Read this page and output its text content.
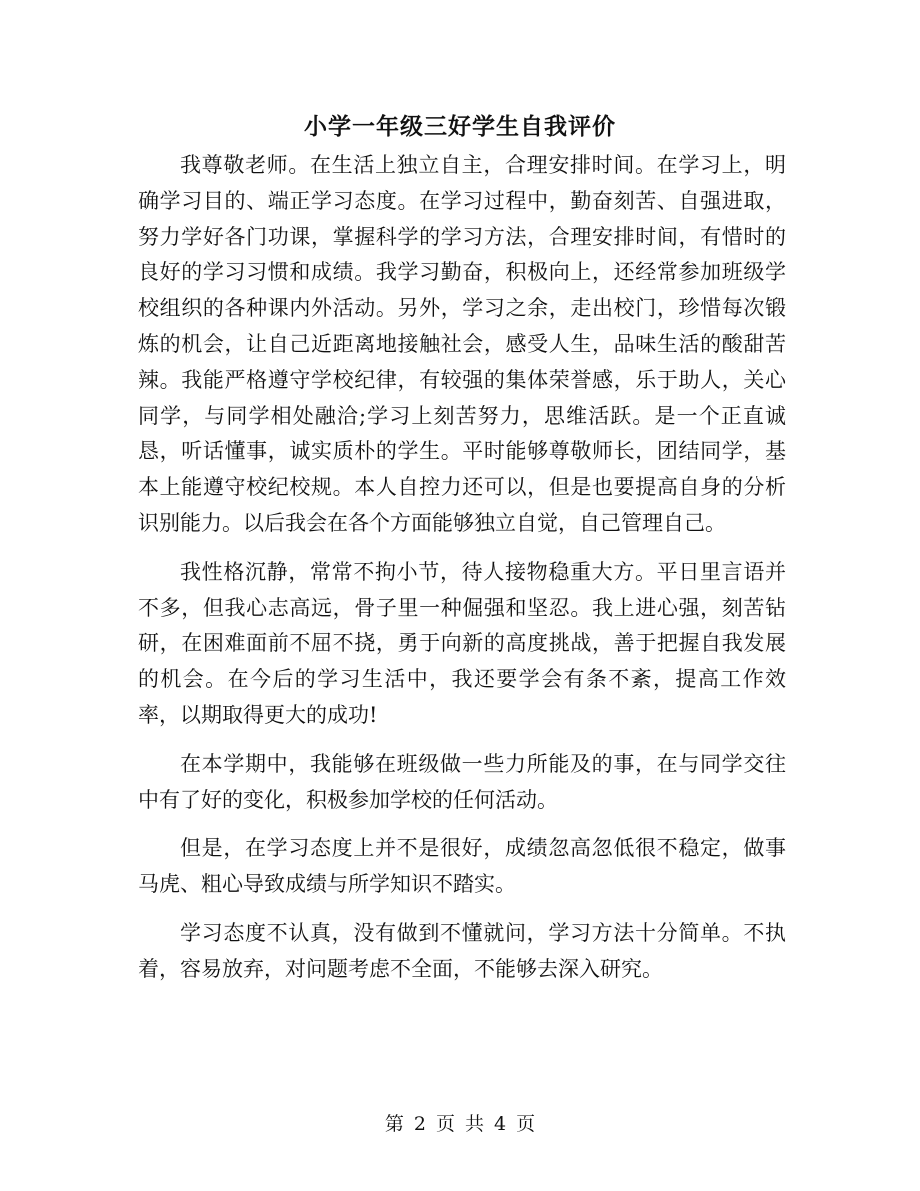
小学一年级三好学生自我评价

我尊敬老师。在生活上独立自主，合理安排时间。在学习上，明确学习目的、端正学习态度。在学习过程中，勤奋刻苦、自强进取，努力学好各门功课，掌握科学的学习方法，合理安排时间，有惜时的良好的学习习惯和成绩。我学习勤奋，积极向上，还经常参加班级学校组织的各种课内外活动。另外，学习之余，走出校门，珍惜每次锻炼的机会，让自己近距离地接触社会，感受人生，品味生活的酸甜苦辣。我能严格遵守学校纪律，有较强的集体荣誉感，乐于助人，关心同学，与同学相处融洽;学习上刻苦努力，思维活跃。是一个正直诚恳，听话懂事，诚实质朴的学生。平时能够尊敬师长，团结同学，基本上能遵守校纪校规。本人自控力还可以，但是也要提高自身的分析识别能力。以后我会在各个方面能够独立自觉，自己管理自己。

我性格沉静，常常不拘小节，待人接物稳重大方。平日里言语并不多，但我心志高远，骨子里一种倔强和坚忍。我上进心强，刻苦钻研，在困难面前不屈不挠，勇于向新的高度挑战，善于把握自我发展的机会。在今后的学习生活中，我还要学会有条不紊，提高工作效率，以期取得更大的成功!

在本学期中，我能够在班级做一些力所能及的事，在与同学交往中有了好的变化，积极参加学校的任何活动。

但是，在学习态度上并不是很好，成绩忽高忽低很不稳定，做事马虎、粗心导致成绩与所学知识不踏实。

学习态度不认真，没有做到不懂就问，学习方法十分简单。不执着，容易放弃，对问题考虑不全面，不能够去深入研究。

第 2 页 共 4 页
